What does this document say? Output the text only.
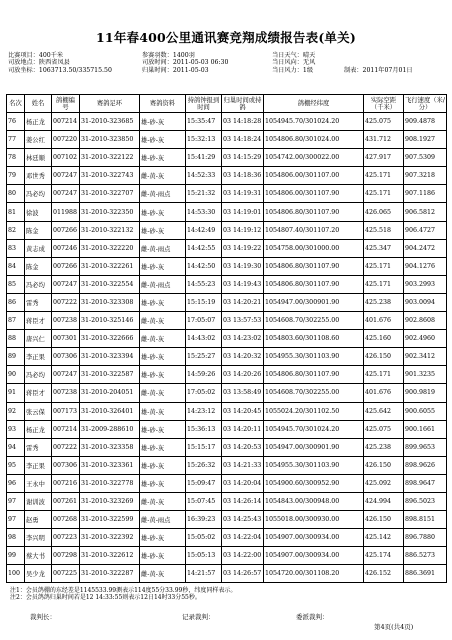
11年春400公里通讯赛竞翔成绩报告表(单关)
比赛项目：400千米	参赛羽数：1400羽	当日天气：晴天
司放地点：陕西省凤县	司放时间：2011-05-03 06:30	当日风向：无风
司放坐标：1063713.50/335715.50	归巢时间：2011-05-03	当日风力：1级	制表：2011年07月01日
名次	姓名	鸽棚编号	赛鸽足环	赛鸽资料	持鸽钟报到时间	归巢时间或持鸽	鸽棚经纬度	实际空距（千米）	飞行速度（米/分）
76	杨正龙	007214	31-2010-323685	雄-砂-灰	15:35:47	03 14:18:28	1054945.70/301024.20	425.075	909.4878
77	姜公红	007220	31-2010-323850	雄-砂-灰	15:32:13	03 14:18:24	1054806.80/301024.00	431.712	908.1927
78	林廷顺	007102	31-2010-322122	雄-砂-灰	15:41:29	03 14:15:29	1054742.00/300022.00	427.917	907.5309
79	邓世秀	007247	31-2010-322743	雌-黄-灰	14:52:33	03 14:18:36	1054806.00/301107.00	425.171	907.3218
80	冯必均	007247	31-2010-322707	雌-黄-雨点	15:21:32	03 14:19:31	1054806.00/301107.90	425.171	907.1186
81	徐波	011988	31-2010-322350	雄-砂-灰	14:53:30	03 14:19:01	1054806.80/301107.90	426.065	906.5812
82	陈金	007266	31-2010-322132	雄-砂-灰	14:42:49	03 14:19:12	1054807.40/301107.20	425.518	906.4727
83	黄志成	007246	31-2010-322220	雌-黄-雨点	14:42:55	03 14:19:22	1054758.00/301000.00	425.347	904.2472
84	陈金	007266	31-2010-322261	雄-砂-灰	14:42:50	03 14:19:30	1054806.80/301107.90	425.171	904.1276
85	冯必均	007247	31-2010-322554	雌-黄-雨点	14:55:23	03 14:19:43	1054806.80/301107.90	425.171	903.2993
86	雷秀	007222	31-2010-323308	雄-砂-灰	15:15:19	03 14:20:21	1054947.00/300901.90	425.238	903.0094
87	蒋臣才	007238	31-2010-325146	雌-黄-灰	17:05:07	03 13:57:53	1054608.70/302255.00	401.676	902.8608
88	唐兴仁	007301	31-2010-322666	雌-黄-灰	14:43:02	03 14:23:02	1054803.60/301108.60	425.160	902.4960
89	李正果	007306	31-2010-323394	雄-砂-灰	15:25:27	03 14:20:32	1054955.30/301103.90	426.150	902.3412
90	冯必均	007247	31-2010-322587	雄-砂-灰	14:59:26	03 14:20:26	1054806.80/301107.90	425.171	901.3235
91	蒋臣才	007238	31-2010-204051	雌-黄-灰	17:05:02	03 13:58:49	1054608.70/302255.00	401.676	900.9819
92	张云保	007173	31-2010-326401	雄-黄-灰	14:23:12	03 14:20:45	1055024.20/301102.50	425.642	900.6055
93	杨正龙	007214	31-2009-288610	雄-砂-灰	15:36:13	03 14:20:11	1054945.70/301024.20	425.075	900.1661
94	雷秀	007222	31-2010-323358	雄-砂-灰	15:15:17	03 14:20:53	1054947.00/300901.90	425.238	899.9653
95	李正果	007306	31-2010-323361	雄-砂-灰	15:26:32	03 14:21:33	1054955.30/301103.90	426.150	898.9626
96	王永中	007216	31-2010-322778	雄-砂-灰	15:09:47	03 14:20:04	1054900.60/300952.90	425.092	898.9647
97	谢训波	007261	31-2010-323269	雌-黄-灰	15:07:45	03 14:26:14	1054843.00/300948.00	424.994	896.5023
97	赵勇	007268	31-2010-322599	雌-黄-雨点	16:39:23	03 14:25:43	1055018.00/300930.00	426.150	898.8151
98	李兴明	007223	31-2010-322392	雄-砂-灰	15:05:02	03 14:22:04	1054907.00/300934.00	425.142	896.7880
99	蔡大书	007298	31-2010-322612	雄-砂-灰	15:05:13	03 14:22:00	1054907.00/300934.00	425.174	886.5273
100	吴少龙	007225	31-2010-322287	雌-黄-灰	14:21:57	03 14:26:57	1054720.00/301108.20	426.152	886.3691
注1：会员鸽棚的东经差是1145533.99测表示114度55分33.99秒，纬度同样表示。
注2：会员鸽鸽归巢时间若是12 14:33:55则表示12日14时33分55秒。
裁判长：	记录裁判：	委派裁判：
第4页(共4页)
